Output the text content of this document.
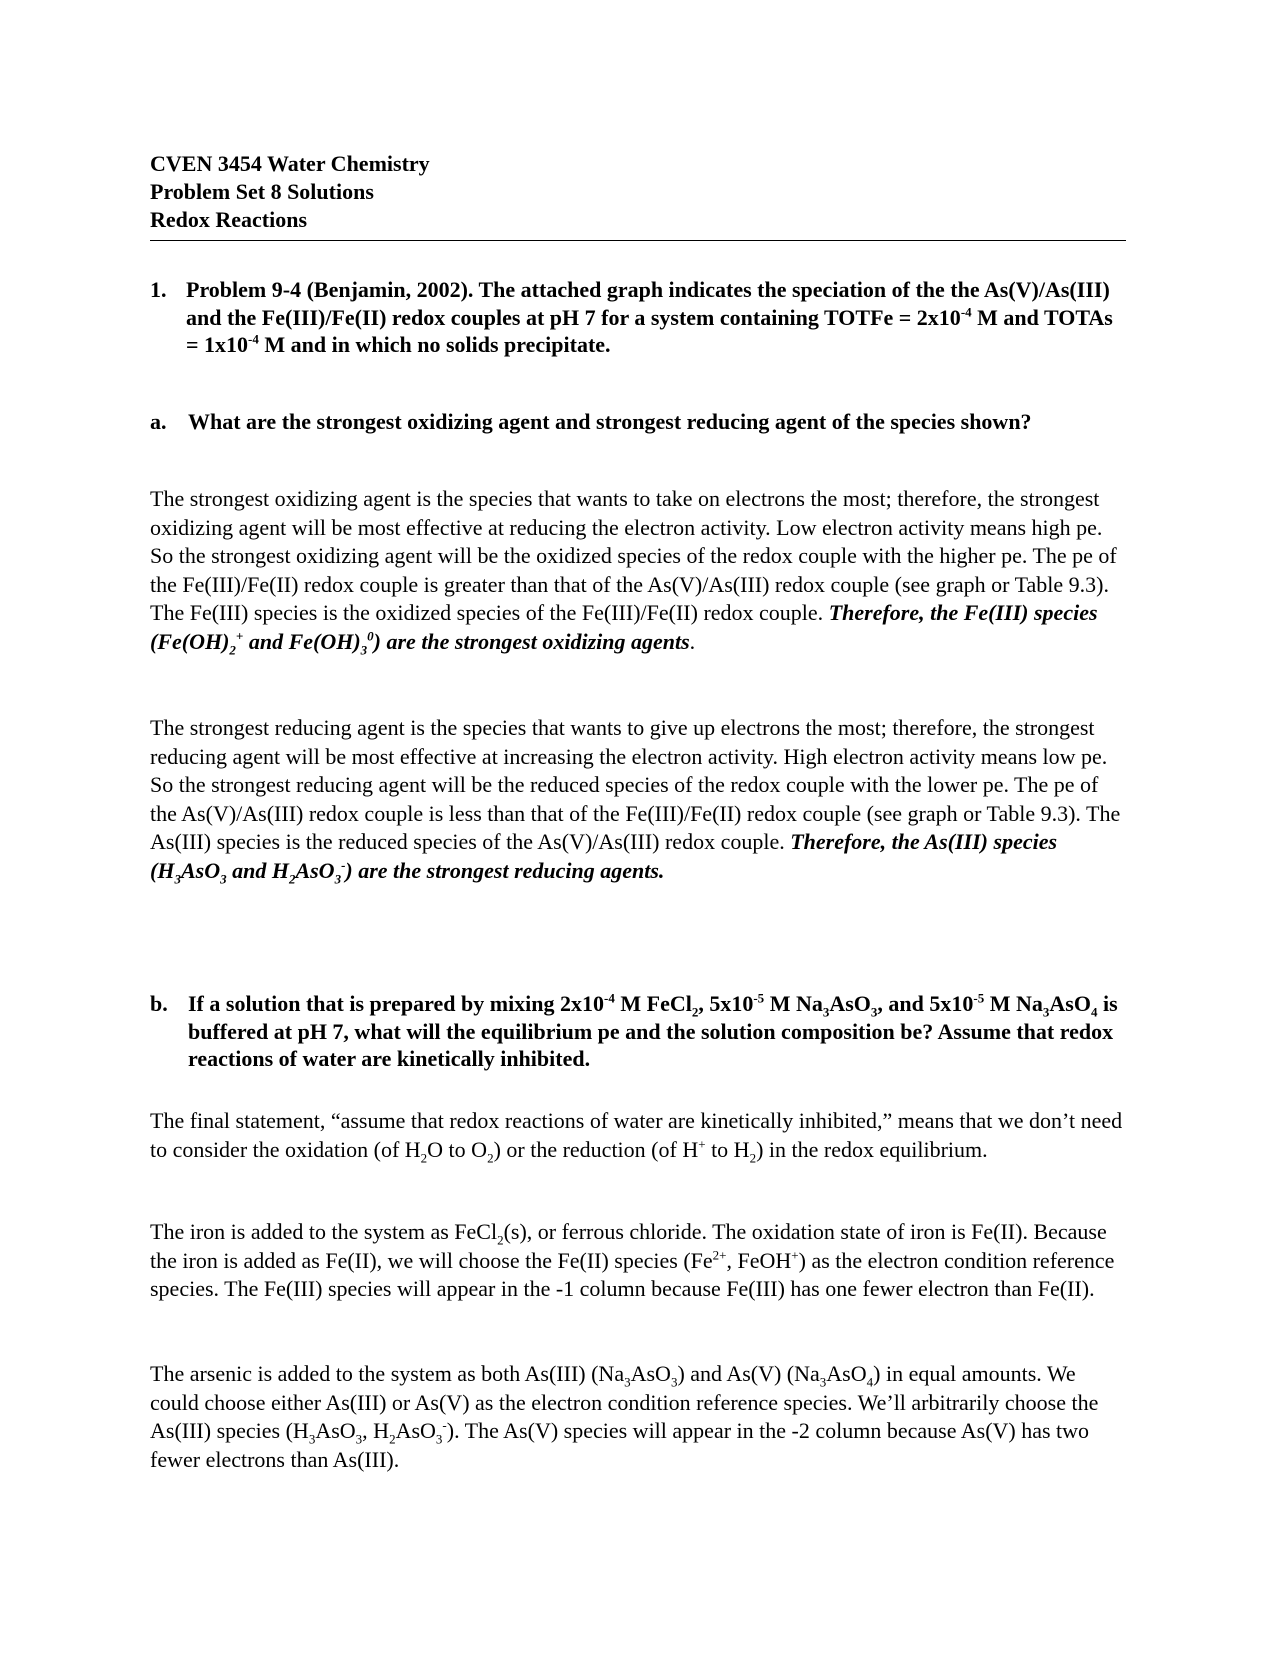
CVEN 3454 Water Chemistry
Problem Set 8 Solutions
Redox Reactions
1. Problem 9-4 (Benjamin, 2002). The attached graph indicates the speciation of the the As(V)/As(III) and the Fe(III)/Fe(II) redox couples at pH 7 for a system containing TOTFe = $2x10^{-4}$ M and TOTAs = $1x10^{-4}$ M and in which no solids precipitate.
a. What are the strongest oxidizing agent and strongest reducing agent of the species shown?

The strongest oxidizing agent is the species that wants to take on electrons the most; therefore, the strongest oxidizing agent will be most effective at reducing the electron activity. Low electron activity means high pe. So the strongest oxidizing agent will be the oxidized species of the redox couple with the higher pe. The pe of the Fe(III)/Fe(II) redox couple is greater than that of the As(V)/As(III) redox couple (see graph or Table 9.3). The Fe(III) species is the oxidized species of the Fe(III)/Fe(II) redox couple. Therefore, the Fe(III) species ($Fe(OH)_2^+$ and $Fe(OH)_3^0$) are the strongest oxidizing agents.

The strongest reducing agent is the species that wants to give up electrons the most; therefore, the strongest reducing agent will be most effective at increasing the electron activity. High electron activity means low pe. So the strongest reducing agent will be the reduced species of the redox couple with the lower pe. The pe of the As(V)/As(III) redox couple is less than that of the Fe(III)/Fe(II) redox couple (see graph or Table 9.3). The As(III) species is the reduced species of the As(V)/As(III) redox couple. Therefore, the As(III) species ($H_3AsO_3$ and $H_2AsO_3^-$) are the strongest reducing agents.

b. If a solution that is prepared by mixing $2x10^{-4}$ M FeCl$_2$, $5x10^{-5}$ M $Na_3AsO_3$, and $5x10^{-5}$ M $Na_3AsO_4$ is buffered at pH 7, what will the equilibrium pe and the solution composition be? Assume that redox reactions of water are kinetically inhibited.

The final statement, “assume that redox reactions of water are kinetically inhibited,” means that we don’t need to consider the oxidation (of $H_2O$ to $O_2$) or the reduction (of H+ to $H_2$) in the redox equilibrium.

The iron is added to the system as FeCl$_2$(s), or ferrous chloride. The oxidation state of iron is Fe(II). Because the iron is added as Fe(II), we will choose the Fe(II) species ($Fe^{2+}$, FeOH+) as the electron condition reference species. The Fe(III) species will appear in the -1 column because Fe(III) has one fewer electron than Fe(II).

The arsenic is added to the system as both As(III) $(Na_3AsO_3)$ and As(V) $(Na_3AsO_4)$ in equal amounts. We could choose either As(III) or As(V) as the electron condition reference species. We’ll arbitrarily choose the As(III) species ($H_3AsO_3$, $H_2AsO_3^-$). The As(V) species will appear in the -2 column because As(V) has two fewer electrons than As(III).
